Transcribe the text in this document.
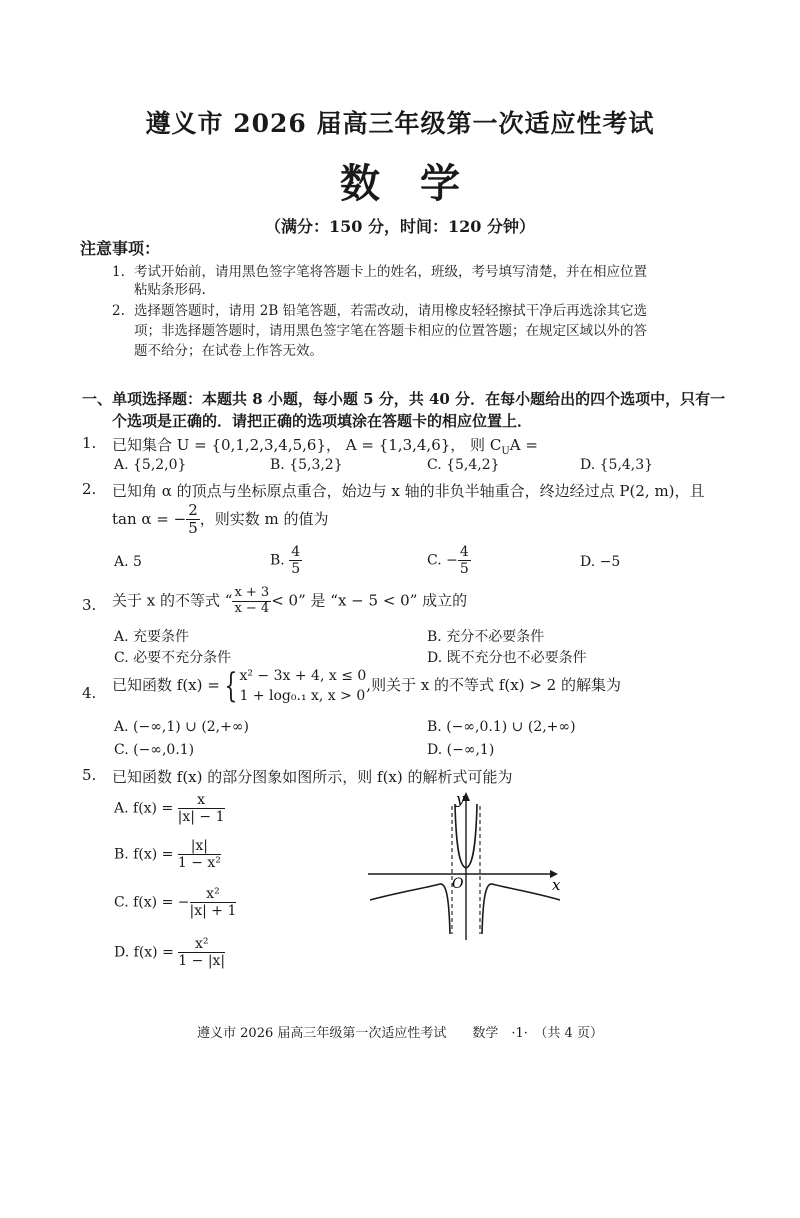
遵义市 2026 届高三年级第一次适应性考试
数学
（满分：150 分，时间：120 分钟）
注意事项：
1. 考试开始前，请用黑色签字笔将答题卡上的姓名，班级，考号填写清楚，并在相应位置
粘贴条形码.
2. 选择题答题时，请用 2B 铅笔答题，若需改动，请用橡皮轻轻擦拭干净后再选涂其它选
项；非选择题答题时，请用黑色签字笔在答题卡相应的位置答题；在规定区域以外的答
题不给分；在试卷上作答无效。
一、单项选择题：本题共 8 小题，每小题 5 分，共 40 分．在每小题给出的四个选项中，只有一
个选项是正确的．请把正确的选项填涂在答题卡的相应位置上．
1. 已知集合 U = {0,1,2,3,4,5,6}， A = {1,3,4,6}， 则 $C_UA$ =
A. {5,2,0}	B. {5,3,2}	C. {5,4,2}	D. {5,4,3}
2. 已知角 α 的顶点与坐标原点重合，始边与 x 轴的非负半轴重合，终边经过点 P(2, m)，且
tan α = − $\frac{2}{5}$ ，则实数 m 的值为
A. 5	B. $\frac{4}{5}$	C. − $\frac{4}{5}$	D. −5
3. 关于 x 的不等式 “ $\frac{x + 3}{x - 4} < 0$” 是 “x − 5 < 0” 成立的
A. 充要条件	B. 充分不必要条件
C. 必要不充分条件	D. 既不充分也不必要条件
4. 已知函数 f(x) = { x² − 3x + 4, x ≤ 0
1 + log₀.₁ x, x > 0
,则关于 x 的不等式 f(x) > 2 的解集为
A. (−∞,1) ∪ (2,+∞)	B. (−∞,0.1) ∪ (2,+∞)
C. (−∞,0.1)	D. (−∞,1)
5. 已知函数 f(x) 的部分图象如图所示，则 f(x) 的解析式可能为
A. $f(x) = \frac{x}{|x| - 1}$
B. $f(x) = \frac{|x|}{\text{1 − x²}}$
C. f(x) = − $\frac{\text{x²}}{|x| + 1}$
D. $f(x) = \frac{\text{x²}}{1 - |x|}$
y
x
O
遵义市 2026 届高三年级第一次适应性考试　　数学　·1·　（共 4 页）
